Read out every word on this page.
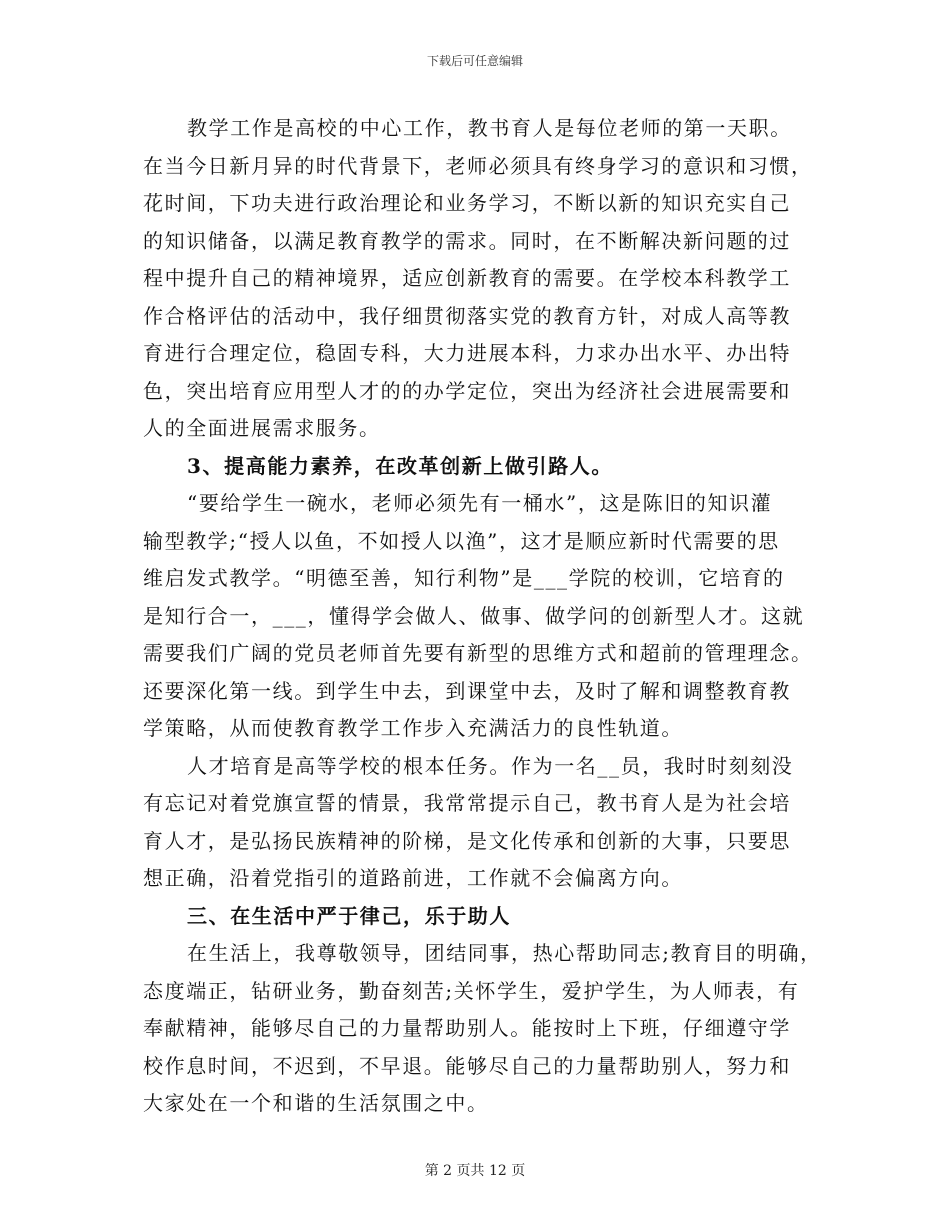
下载后可任意编辑
教学工作是高校的中心工作，教书育人是每位老师的第一天职。
在当今日新月异的时代背景下，老师必须具有终身学习的意识和习惯，
花时间，下功夫进行政治理论和业务学习，不断以新的知识充实自己
的知识储备，以满足教育教学的需求。同时，在不断解决新问题的过
程中提升自己的精神境界，适应创新教育的需要。在学校本科教学工
作合格评估的活动中，我仔细贯彻落实党的教育方针，对成人高等教
育进行合理定位，稳固专科，大力进展本科，力求办出水平、办出特
色，突出培育应用型人才的的办学定位，突出为经济社会进展需要和
人的全面进展需求服务。
3、提高能力素养，在改革创新上做引路人。
“要给学生一碗水，老师必须先有一桶水”，这是陈旧的知识灌
输型教学;“授人以鱼，不如授人以渔”，这才是顺应新时代需要的思
维启发式教学。“明德至善，知行利物”是___学院的校训，它培育的
是知行合一，___，懂得学会做人、做事、做学问的创新型人才。这就
需要我们广阔的党员老师首先要有新型的思维方式和超前的管理理念。
还要深化第一线。到学生中去，到课堂中去，及时了解和调整教育教
学策略，从而使教育教学工作步入充满活力的良性轨道。
人才培育是高等学校的根本任务。作为一名__员，我时时刻刻没
有忘记对着党旗宣誓的情景，我常常提示自己，教书育人是为社会培
育人才，是弘扬民族精神的阶梯，是文化传承和创新的大事，只要思
想正确，沿着党指引的道路前进，工作就不会偏离方向。
三、在生活中严于律己，乐于助人
在生活上，我尊敬领导，团结同事，热心帮助同志;教育目的明确，
态度端正，钻研业务，勤奋刻苦;关怀学生，爱护学生，为人师表，有
奉献精神，能够尽自己的力量帮助别人。能按时上下班，仔细遵守学
校作息时间，不迟到，不早退。能够尽自己的力量帮助别人，努力和
大家处在一个和谐的生活氛围之中。
第 2 页共 12 页
